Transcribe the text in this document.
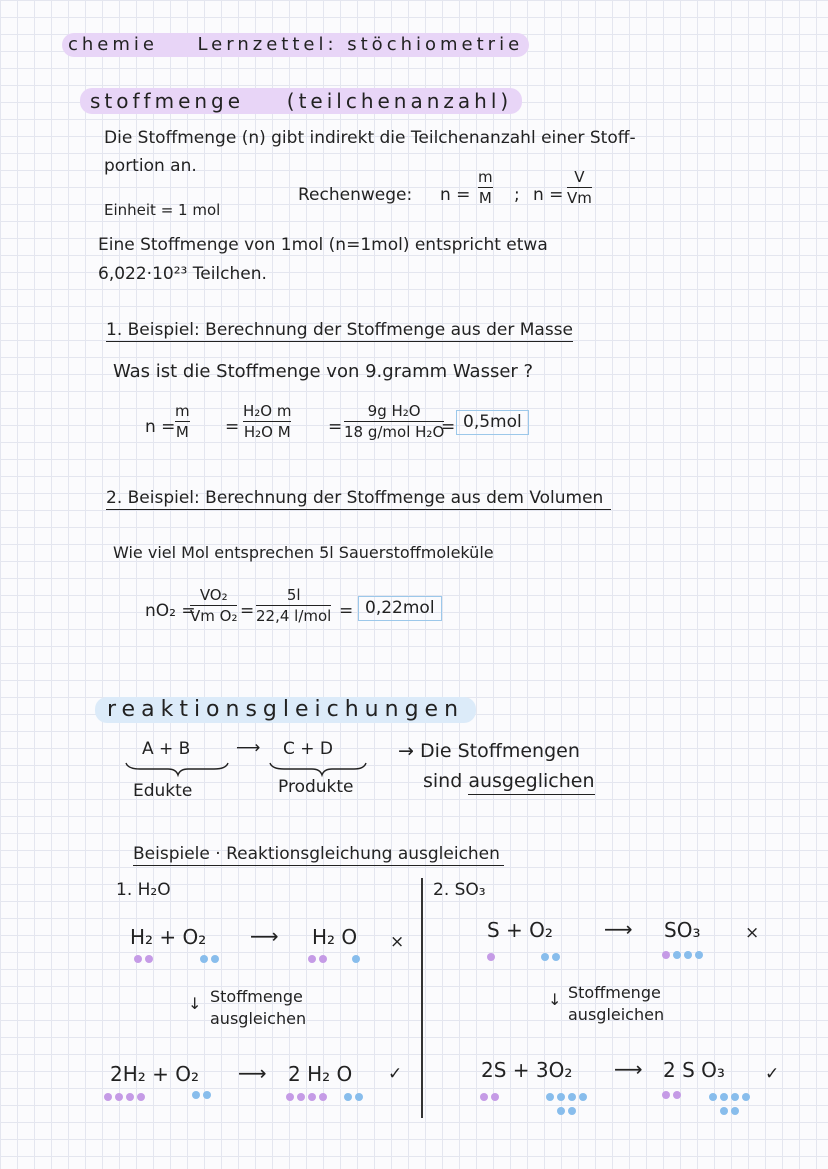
chemie Lernzettel: stöchiometrie
stoffmenge (teilchenanzahl)
Die Stoffmenge (n) gibt indirekt die Teilchenanzahl einer Stoff-
portion an.
Einheit = 1 mol
Rechenwege: n =
m
M ; n =
V
Vm
Eine Stoffmenge von 1mol (n=1mol) entspricht etwa
6,022·10²³ Teilchen.
1. Beispiel: Berechnung der Stoffmenge aus der Masse
Was ist die Stoffmenge von 9.gramm Wasser ?
n =
m
M =
H₂O m
H₂O M =
9g H₂O
18 g/mol H₂O
= 0,5mol
2. Beispiel: Berechnung der Stoffmenge aus dem Volumen
Wie viel Mol entsprechen 5l Sauerstoffmoleküle
nO₂ =
VO₂
Vm O₂ =
5l
22,4 l/mol = 0,22mol
reaktionsgleichungen
A + B	⟶ C + D
Edukte	Produkte
→ Die Stoffmengen
sind ausgeglichen
Beispiele · Reaktionsgleichung ausgleichen
1. H₂O
H₂ + O₂ ⟶ H₂ O ×
↓ Stoffmenge
ausgleichen
2H₂ + O₂ ⟶ 2 H₂ O ✓
2. SO₃
S + O₂	⟶ SO₃	×
↓ Stoffmenge
ausgleichen
2S + 3O₂ ⟶ 2 S O₃ ✓
